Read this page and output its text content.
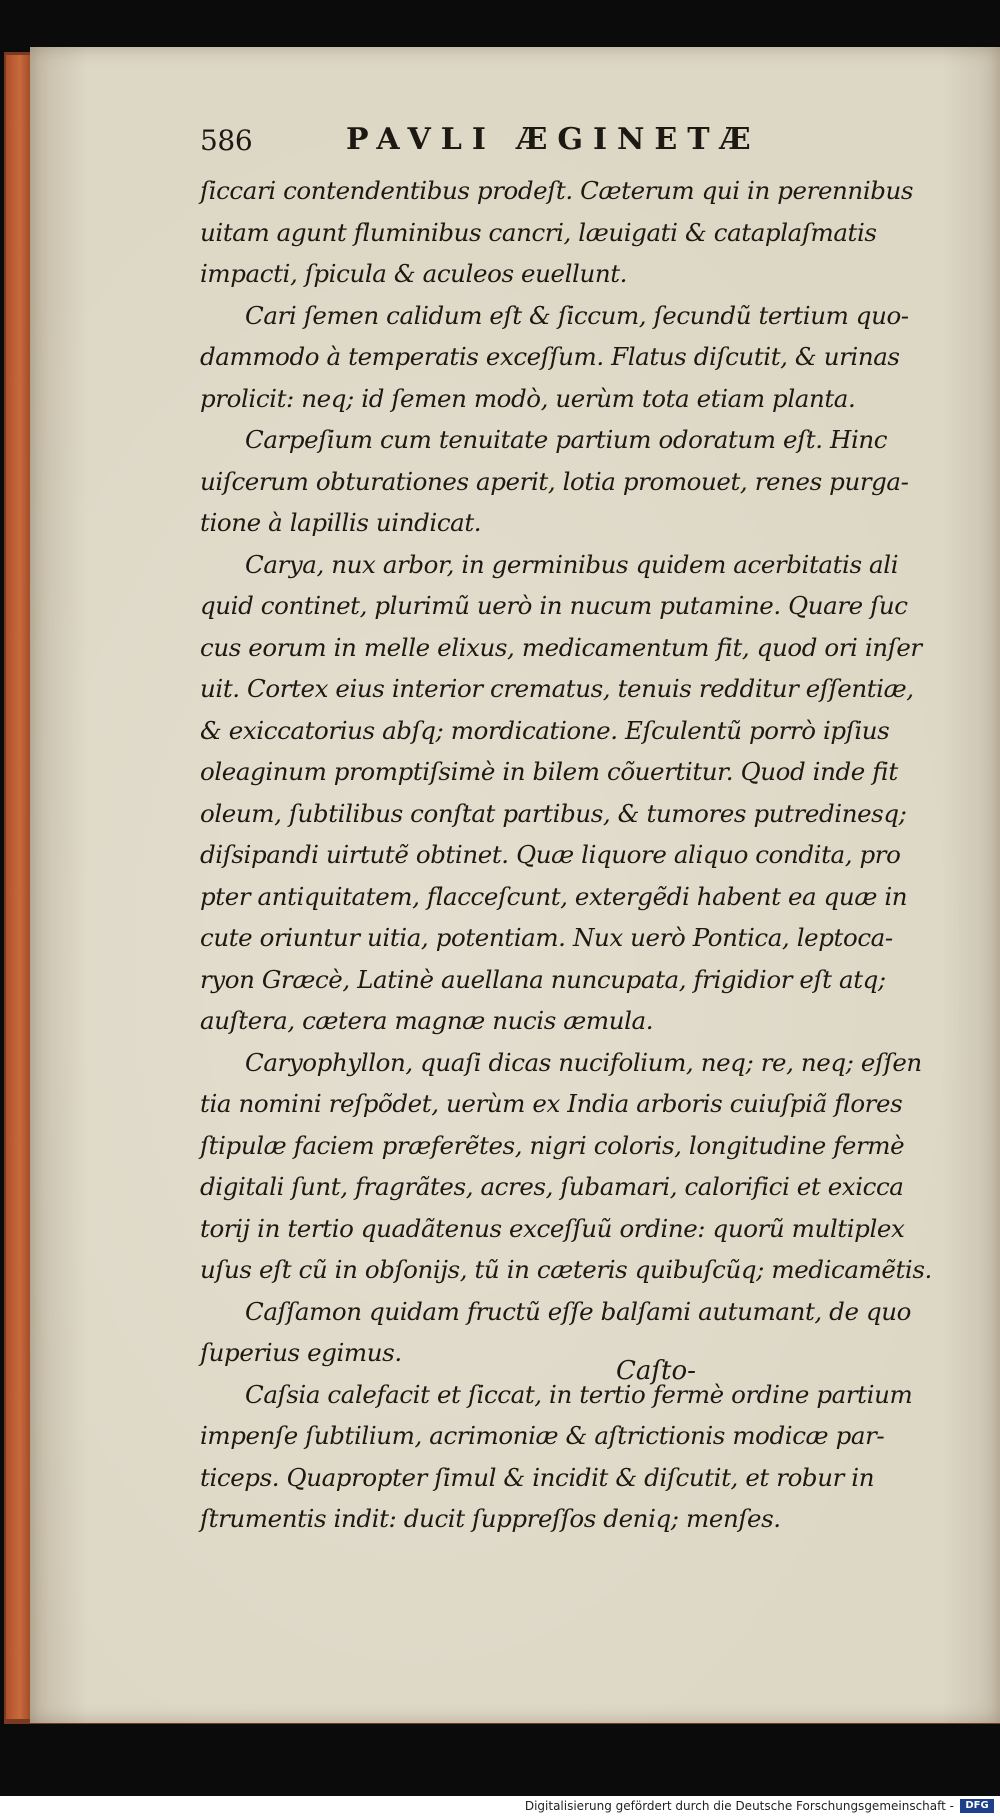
586	PAVLI ÆGINETÆ
ſiccari contendentibus prodeſt. Cæterum qui in perennibus
uitam agunt fluminibus cancri, læuigati & cataplaſmatis
impacti, ſpicula & aculeos euellunt.
Cari ſemen calidum eſt & ſiccum, ſecundũ tertium quo-
dammodo à temperatis exceſſum. Flatus diſcutit, & urinas
prolicit: neq; id ſemen modò, uerùm tota etiam planta.
Carpeſium cum tenuitate partium odoratum eſt. Hinc
uiſcerum obturationes aperit, lotia promouet, renes purga-
tione à lapillis uindicat.
Carya, nux arbor, in germinibus quidem acerbitatis ali
quid continet, plurimũ uerò in nucum putamine. Quare ſuc
cus eorum in melle elixus, medicamentum fit, quod ori inſer
uit. Cortex eius interior crematus, tenuis redditur eſſentiæ,
& exiccatorius abſq; mordicatione. Eſculentũ porrò ipſius
oleaginum promptiſsimè in bilem cõuertitur. Quod inde fit
oleum, ſubtilibus conſtat partibus, & tumores putredinesq;
diſsipandi uirtutẽ obtinet. Quæ liquore aliquo condita, pro
pter antiquitatem, flacceſcunt, extergẽdi habent ea quæ in
cute oriuntur uitia, potentiam. Nux uerò Pontica, leptoca-
ryon Græcè, Latinè auellana nuncupata, frigidior eſt atq;
auſtera, cætera magnæ nucis æmula.
Caryophyllon, quaſi dicas nucifolium, neq; re, neq; eſſen
tia nomini reſpõdet, uerùm ex India arboris cuiuſpiã flores
ſtipulæ faciem præferẽtes, nigri coloris, longitudine fermè
digitali ſunt, fragrãtes, acres, ſubamari, calorifici et exicca
torij in tertio quadãtenus exceſſuũ ordine: quorũ multiplex
uſus eſt cũ in obſonijs, tũ in cæteris quibuſcũq; medicamẽtis.
Caſſamon quidam fructũ eſſe balſami autumant, de quo
ſuperius egimus.
Caſsia calefacit et ſiccat, in tertio fermè ordine partium
impenſe ſubtilium, acrimoniæ & aſtrictionis modicæ par-
ticeps. Quapropter ſimul & incidit & diſcutit, et robur in
ſtrumentis indit: ducit ſuppreſſos deniq; menſes.
Caſto-
Digitalisierung gefördert durch die Deutsche Forschungsgemeinschaft -	DFG
